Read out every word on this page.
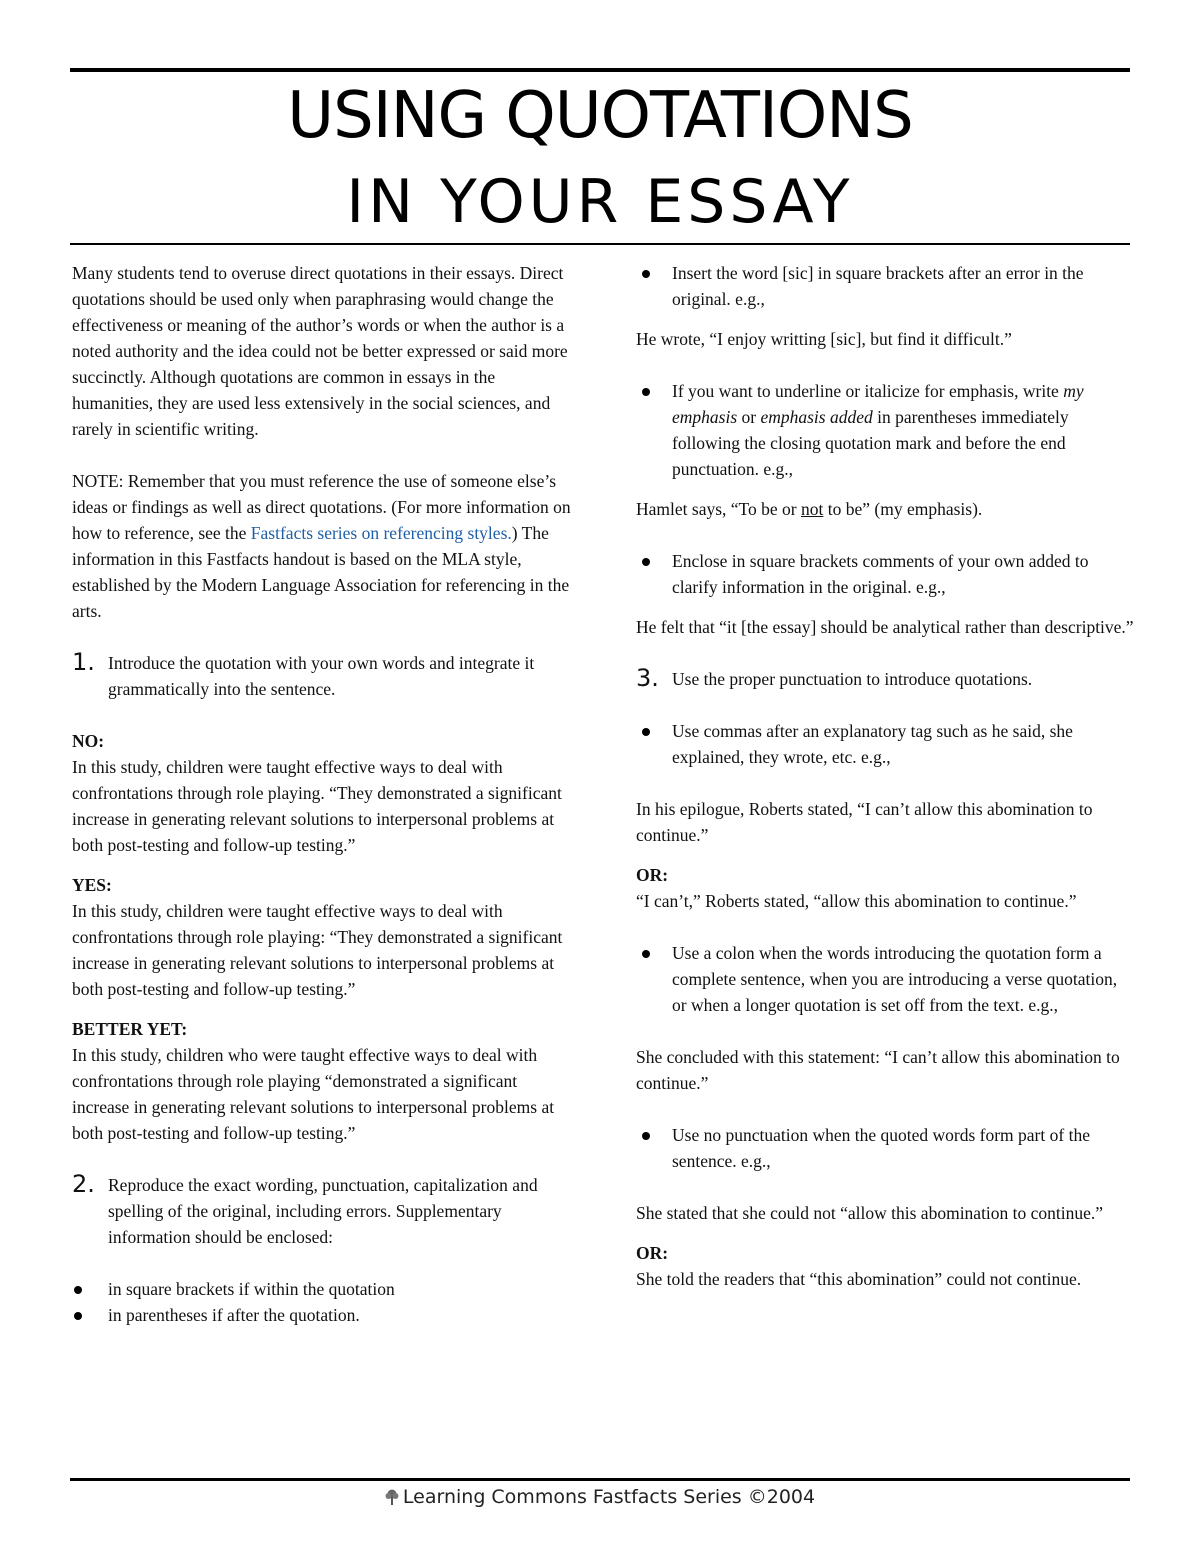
USING QUOTATIONS
IN YOUR ESSAY

Many students tend to overuse direct quotations in their essays. Direct quotations should be used only when paraphrasing would change the effectiveness or meaning of the author’s words or when the author is a noted authority and the idea could not be better expressed or said more succinctly. Although quotations are common in essays in the humanities, they are used less extensively in the social sciences, and rarely in scientific writing.

NOTE: Remember that you must reference the use of someone else’s ideas or findings as well as direct quotations. (For more information on how to reference, see the Fastfacts series on referencing styles.) The information in this Fastfacts handout is based on the MLA style, established by the Modern Language Association for referencing in the arts.

1. Introduce the quotation with your own words and integrate it grammatically into the sentence.

NO:

In this study, children were taught effective ways to deal with confrontations through role playing. “They demonstrated a significant increase in generating relevant solutions to interpersonal problems at both post-testing and follow-up testing.”

YES:

In this study, children were taught effective ways to deal with confrontations through role playing: “They demonstrated a significant increase in generating relevant solutions to interpersonal problems at both post-testing and follow-up testing.”

BETTER YET:

In this study, children who were taught effective ways to deal with confrontations through role playing “demonstrated a significant increase in generating relevant solutions to interpersonal problems at both post-testing and follow-up testing.”

2. Reproduce the exact wording, punctuation, capitalization and spelling of the original, including errors. Supplementary information should be enclosed:
in square brackets if within the quotation
in parentheses if after the quotation.
Insert the word [sic] in square brackets after an error in the original. e.g.,

He wrote, “I enjoy writting [sic], but find it difficult.”

If you want to underline or italicize for emphasis, write my emphasis or emphasis added in parentheses immediately following the closing quotation mark and before the end punctuation. e.g.,

Hamlet says, “To be or not to be” (my emphasis).

Enclose in square brackets comments of your own added to clarify information in the original. e.g.,

He felt that “it [the essay] should be analytical rather than descriptive.”

3. Use the proper punctuation to introduce quotations.
Use commas after an explanatory tag such as he said, she explained, they wrote, etc. e.g.,

In his epilogue, Roberts stated, “I can’t allow this abomination to continue.”

OR:

“I can’t,” Roberts stated, “allow this abomination to continue.”

Use a colon when the words introducing the quotation form a complete sentence, when you are introducing a verse quotation, or when a longer quotation is set off from the text. e.g.,

She concluded with this statement: “I can’t allow this abomination to continue.”

Use no punctuation when the quoted words form part of the sentence. e.g.,

She stated that she could not “allow this abomination to continue.”

OR:

She told the readers that “this abomination” could not continue.

Learning Commons Fastfacts Series ©2004
